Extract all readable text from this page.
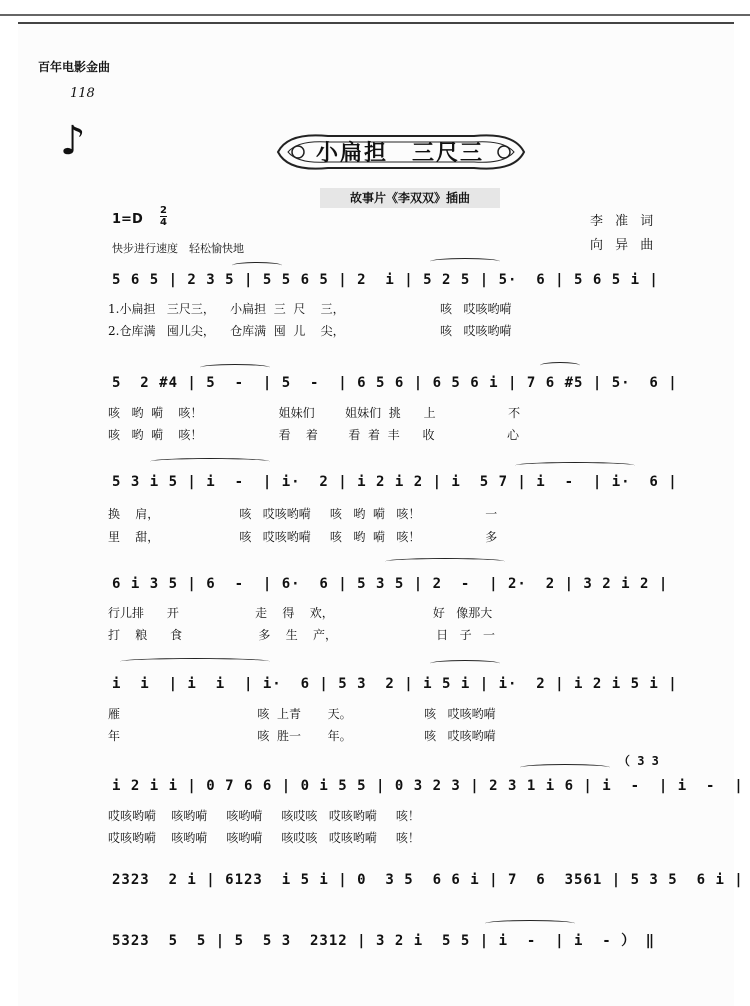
百年电影金曲
118
♪	小扁担　三尺三
故事片《李双双》插曲
$1=D \frac{2}{4}$
快步进行速度　轻松愉快地
李 准 词
向 异 曲
5 6 5 | 2 3 5 | 5 5 6 5 | 2  i | 5 2 5 | 5·  6 | 5 6 5 i |
1.小扁担   三尺三，    小扁担  三  尺    三，                         咳   哎咳哟嗬
2.仓库满   囤儿尖，    仓库满  囤  儿    尖，                         咳   哎咳哟嗬
5  2 #4 | 5  -  | 5  -  | 6 5 6 | 6 5 6 i | 7 6 #5 | 5·  6 |
咳   哟  嗬    咳！                    姐妹们        姐妹们  挑      上                   不
咳   哟  嗬    咳！                    看    着        看  着  丰      收                   心
5 3 i 5 | i  -  | i·  2 | i 2 i 2 | i  5 7 | i  -  | i·  6 |
换    肩，                     咳   哎咳哟嗬     咳   哟  嗬   咳！                 一
里    甜，                     咳   哎咳哟嗬     咳   哟  嗬   咳！                 多
6 i 3 5 | 6  -  | 6·  6 | 5 3 5 | 2  -  | 2·  2 | 3 2 i 2 |
行儿排      开                    走    得    欢，                          好   像那大
打    粮      食                    多    生    产，                          日   子   一
i  i  | i  i  | i·  6 | 5 3  2 | i 5 i | i·  2 | i 2 i 5 i |
雁                                    咳  上青       天。                   咳   哎咳哟嗬
年                                    咳  胜一       年。                   咳   哎咳哟嗬
（ 3 3
i 2 i i | 0 7 6 6 | 0 i 5 5 | 0 3 2 3 | 2 3 1 i 6 | i  -  | i  -  |
哎咳哟嗬    咳哟嗬     咳哟嗬     咳哎咳   哎咳哟嗬     咳！
哎咳哟嗬    咳哟嗬     咳哟嗬     咳哎咳   哎咳哟嗬     咳！
2323  2 i | 6123  i 5 i | 0  3 5  6 6 i | 7  6  3561 | 5 3 5  6 i |
5323  5  5 | 5  5 3  2312 | 3 2 i  5 5 | i  -  | i  - ） ‖
